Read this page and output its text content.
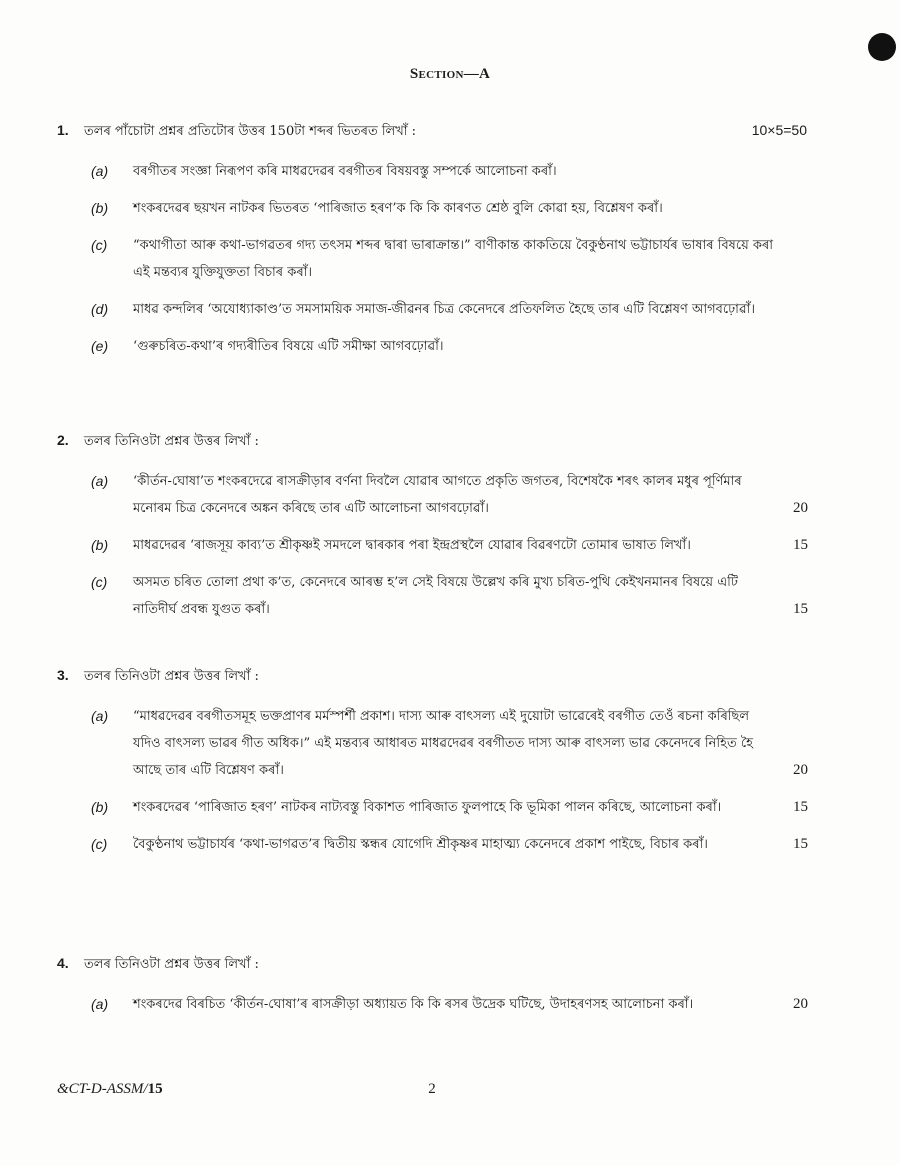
Section—A
1. তলৰ পাঁচোটা প্ৰশ্নৰ প্ৰতিটোৰ উত্তৰ 150টা শব্দৰ ভিতৰত লিখাঁ :	10×5=50
(a) বৰগীতৰ সংজ্ঞা নিৰূপণ কৰি মাধৱদেৱৰ বৰগীতৰ বিষয়বস্তু সম্পৰ্কে আলোচনা কৰাঁ।
(b) শংকৰদেৱৰ ছয়খন নাটকৰ ভিতৰত ‘পাৰিজাত হৰণ’ক কি কি কাৰণত শ্ৰেষ্ঠ বুলি কোৱা হয়, বিশ্লেষণ কৰাঁ।
(c) “কথাগীতা আৰু কথা-ভাগৱতৰ গদ্য তৎসম শব্দৰ দ্বাৰা ভাৰাক্ৰান্ত।” বাণীকান্ত কাকতিয়ে বৈকুণ্ঠনাথ ভট্টাচাৰ্যৰ ভাষাৰ বিষয়ে কৰা এই মন্তব্যৰ যুক্তিযুক্ততা বিচাৰ কৰাঁ।
(d) মাধৱ কন্দলিৰ ‘অযোধ্যাকাণ্ড’ত সমসাময়িক সমাজ-জীৱনৰ চিত্ৰ কেনেদৰে প্ৰতিফলিত হৈছে তাৰ এটি বিশ্লেষণ আগবঢ়োৱাঁ।
(e) ‘গুৰুচৰিত-কথা’ৰ গদ্যৰীতিৰ বিষয়ে এটি সমীক্ষা আগবঢ়োৱাঁ।
2. তলৰ তিনিওটা প্ৰশ্নৰ উত্তৰ লিখাঁ :
(a) ‘কীৰ্তন-ঘোষা’ত শংকৰদেৱে ৰাসক্ৰীড়াৰ বৰ্ণনা দিবলৈ যোৱাৰ আগতে প্ৰকৃতি জগতৰ, বিশেষকৈ শৰৎ কালৰ মধুৰ পূৰ্ণিমাৰ মনোৰম চিত্ৰ কেনেদৰে অঙ্কন কৰিছে তাৰ এটি আলোচনা আগবঢ়োৱাঁ।	20
(b) মাধৱদেৱৰ ‘ৰাজসূয় কাব্য’ত শ্ৰীকৃষ্ণই সমদলে দ্বাৰকাৰ পৰা ইন্দ্ৰপ্ৰস্থলৈ যোৱাৰ বিৱৰণটো তোমাৰ ভাষাত লিখাঁ।	15
(c) অসমত চৰিত তোলা প্ৰথা ক’ত, কেনেদৰে আৰম্ভ হ’ল সেই বিষয়ে উল্লেখ কৰি মুখ্য চৰিত-পুথি কেইখনমানৰ বিষয়ে এটি নাতিদীৰ্ঘ প্ৰবন্ধ যুগুত কৰাঁ।	15
3. তলৰ তিনিওটা প্ৰশ্নৰ উত্তৰ লিখাঁ :
(a) “মাধৱদেৱৰ বৰগীতসমূহ ভক্তপ্ৰাণৰ মৰ্মস্পৰ্শী প্ৰকাশ। দাস্য আৰু বাৎসল্য এই দুয়োটা ভাৱেৰেই বৰগীত তেওঁ ৰচনা কৰিছিল যদিও বাৎসল্য ভাৱৰ গীত অধিক।” এই মন্তব্যৰ আধাৰত মাধৱদেৱৰ বৰগীতত দাস্য আৰু বাৎসল্য ভাৱ কেনেদৰে নিহিত হৈ আছে তাৰ এটি বিশ্লেষণ কৰাঁ।	20
(b) শংকৰদেৱৰ ‘পাৰিজাত হৰণ’ নাটকৰ নাট্যবস্তু বিকাশত পাৰিজাত ফুলপাহে কি ভূমিকা পালন কৰিছে, আলোচনা কৰাঁ।	15
(c) বৈকুণ্ঠনাথ ভট্টাচাৰ্যৰ ‘কথা-ভাগৱত’ৰ দ্বিতীয় স্কন্ধৰ যোগেদি শ্ৰীকৃষ্ণৰ মাহাত্ম্য কেনেদৰে প্ৰকাশ পাইছে, বিচাৰ কৰাঁ।	15
4. তলৰ তিনিওটা প্ৰশ্নৰ উত্তৰ লিখাঁ :
(a) শংকৰদেৱ বিৰচিত ‘কীৰ্তন-ঘোষা’ৰ ৰাসক্ৰীড়া অধ্যায়ত কি কি ৰসৰ উদ্ৰেক ঘটিছে, উদাহৰণসহ আলোচনা কৰাঁ।	20
&CT-D-ASSM/15	2
